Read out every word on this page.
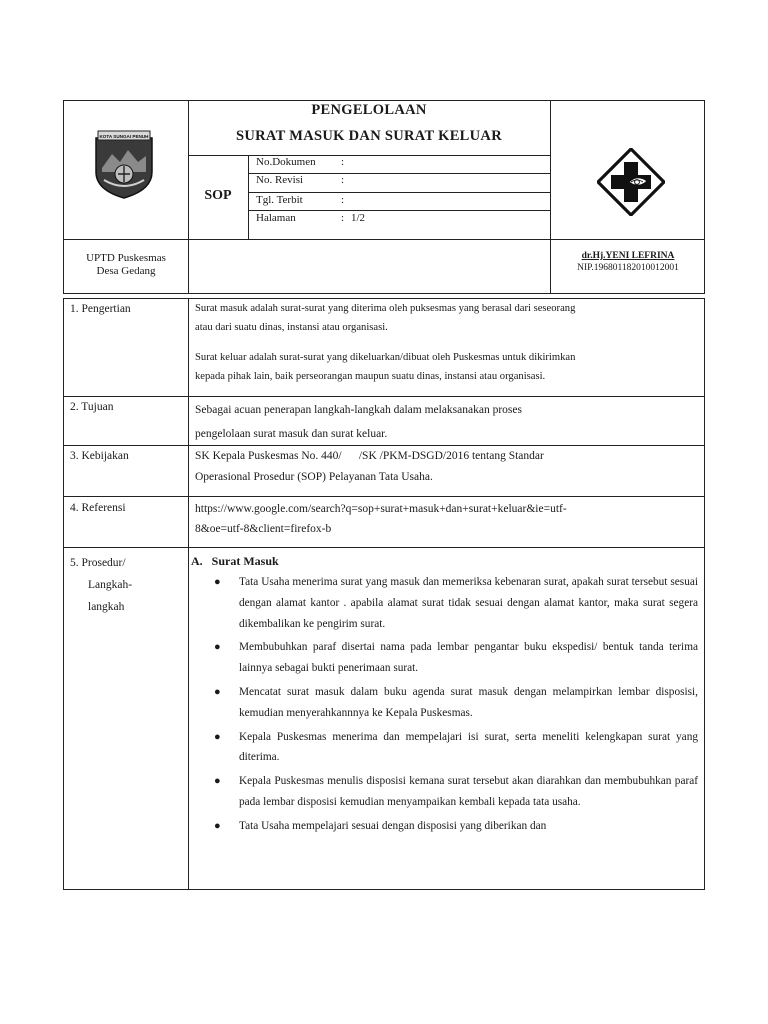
KOTA SUNGAI PENUH
PENGELOLAAN
SURAT MASUK DAN SURAT KELUAR
SOP
No.Dokumen :
No. Revisi	:
Tgl. Terbit	:
Halaman	: 1/2
UPTD Puskesmas
Desa Gedang
dr.Hj.YENI LEFRINA
NIP.196801182010012001
1. Pengertian	Surat masuk adalah surat-surat yang diterima oleh puksesmas yang berasal dari seseorang
atau dari suatu dinas, instansi atau organisasi.
Surat keluar adalah surat-surat yang dikeluarkan/dibuat oleh Puskesmas untuk dikirimkan
kepada pihak lain, baik perseorangan maupun suatu dinas, instansi atau organisasi.
2. Tujuan	Sebagai acuan penerapan langkah-langkah dalam melaksanakan proses
pengelolaan surat masuk dan surat keluar.
3. Kebijakan	SK Kepala Puskesmas No. 440/      /SK /PKM-DSGD/2016 tentang Standar
Operasional Prosedur (SOP) Pelayanan Tata Usaha.
4. Referensi	https://www.google.com/search?q=sop+surat+masuk+dan+surat+keluar&ie=utf-
8&oe=utf-8&client=firefox-b
5. Prosedur/
Langkah-
langkah
A.   Surat Masuk
● Tata Usaha menerima surat yang masuk dan memeriksa kebenaran surat, apakah surat tersebut sesuai dengan alamat kantor . apabila alamat surat tidak sesuai dengan alamat kantor, maka surat segera dikembalikan ke pengirim surat.
● Membubuhkan paraf disertai nama pada lembar pengantar buku ekspedisi/ bentuk tanda terima lainnya sebagai bukti penerimaan surat.
● Mencatat surat masuk dalam buku agenda surat masuk dengan melampirkan lembar disposisi, kemudian menyerahkannnya ke Kepala Puskesmas.
● Kepala Puskesmas menerima dan mempelajari isi surat, serta meneliti kelengkapan surat yang diterima.
● Kepala Puskesmas menulis disposisi kemana surat tersebut akan diarahkan dan membubuhkan paraf pada lembar disposisi kemudian menyampaikan kembali kepada tata usaha.
● Tata Usaha mempelajari sesuai dengan disposisi yang diberikan dan
